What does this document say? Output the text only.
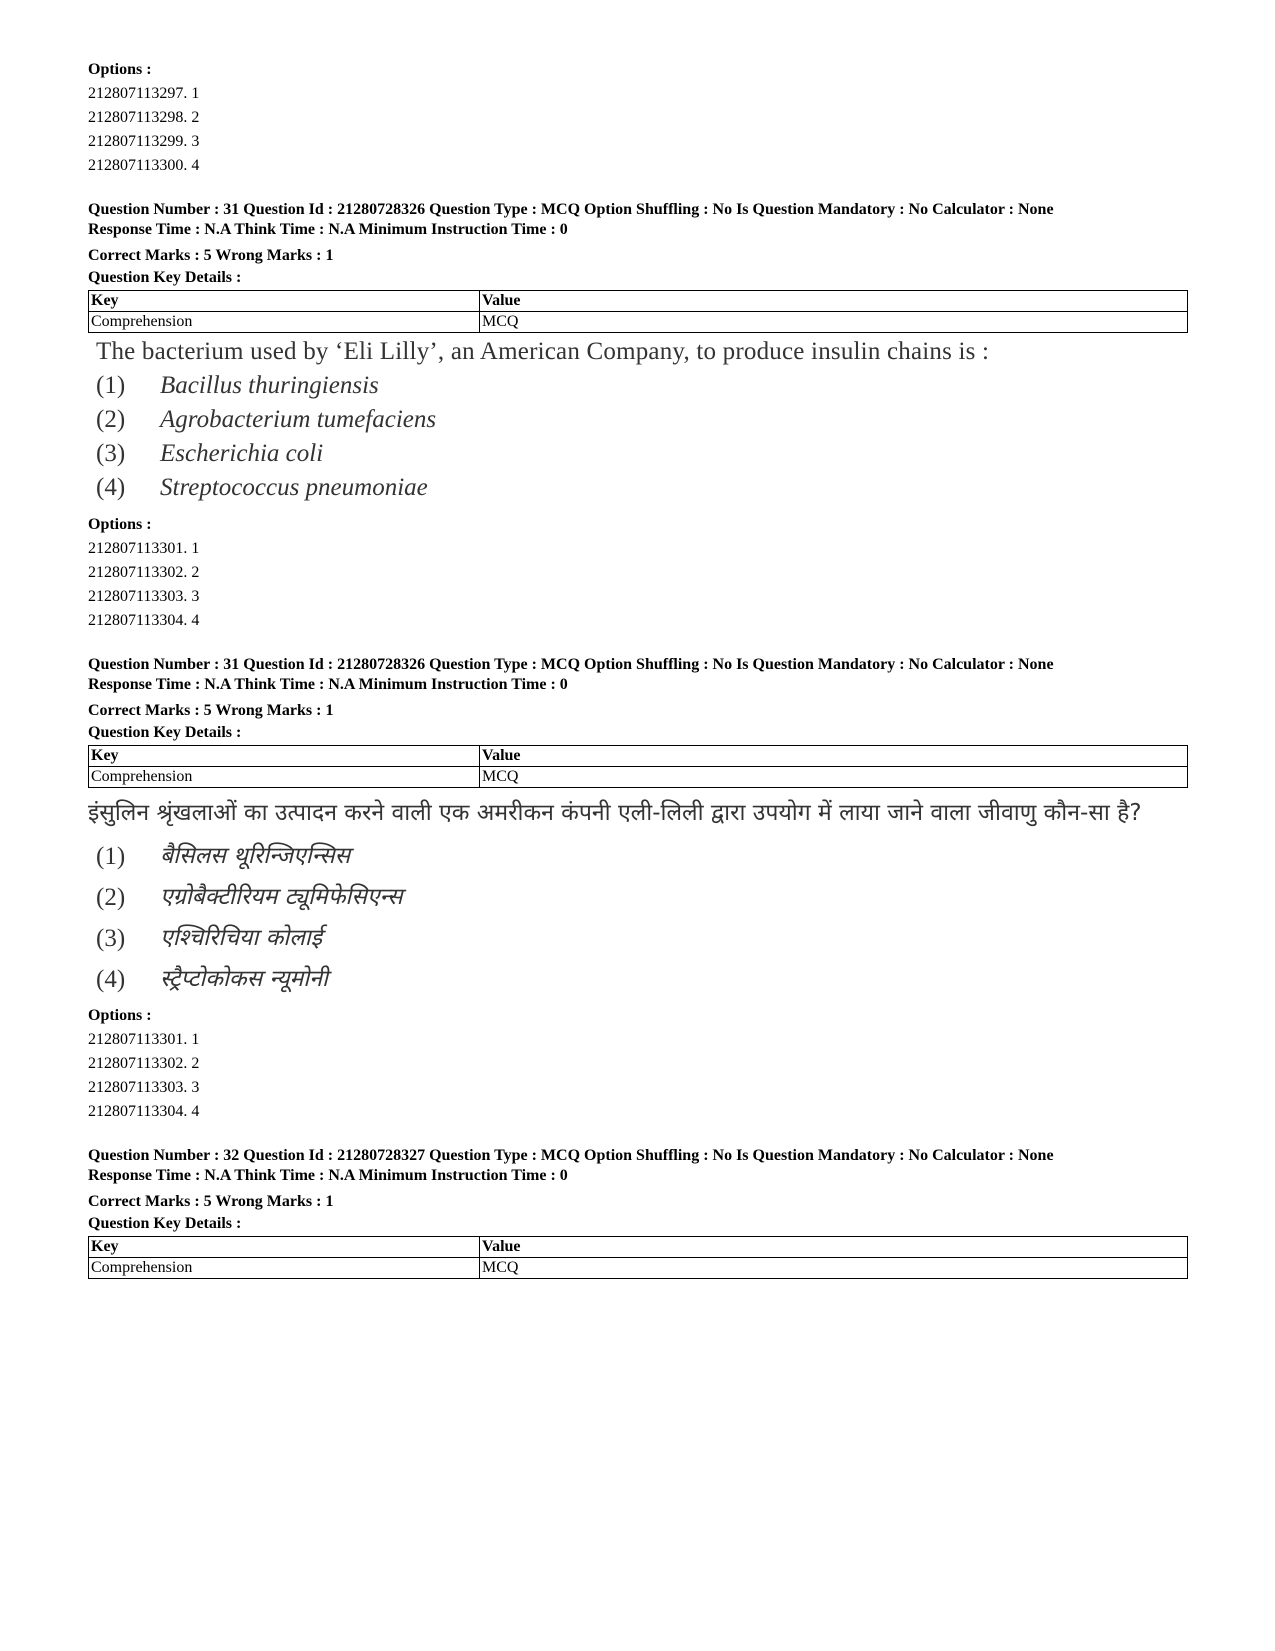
Options :
212807113297. 1
212807113298. 2
212807113299. 3
212807113300. 4
Question Number : 31 Question Id : 21280728326 Question Type : MCQ Option Shuffling : No Is Question Mandatory : No Calculator : None
Response Time : N.A Think Time : N.A Minimum Instruction Time : 0
Correct Marks : 5 Wrong Marks : 1
Question Key Details :
Key	Value
Comprehension	MCQ
The bacterium used by ‘Eli Lilly’, an American Company, to produce insulin chains is :
(1)	Bacillus thuringiensis
(2)	Agrobacterium tumefaciens
(3)	Escherichia coli
(4)	Streptococcus pneumoniae
Options :
212807113301. 1
212807113302. 2
212807113303. 3
212807113304. 4
Question Number : 31 Question Id : 21280728326 Question Type : MCQ Option Shuffling : No Is Question Mandatory : No Calculator : None
Response Time : N.A Think Time : N.A Minimum Instruction Time : 0
Correct Marks : 5 Wrong Marks : 1
Question Key Details :
Key	Value
Comprehension	MCQ
इंसुलिन श्रृंखलाओं का उत्पादन करने वाली एक अमरीकन कंपनी एली-लिली द्वारा उपयोग में लाया जाने वाला जीवाणु कौन-सा है?
(1)	बैसिलस थूरिन्जिएन्सिस
(2)	एग्रोबैक्टीरियम ट्यूमिफेसिएन्स
(3)	एश्चिरिचिया कोलाई
(4)	स्ट्रैप्टोकोकस न्यूमोनी
Options :
212807113301. 1
212807113302. 2
212807113303. 3
212807113304. 4
Question Number : 32 Question Id : 21280728327 Question Type : MCQ Option Shuffling : No Is Question Mandatory : No Calculator : None
Response Time : N.A Think Time : N.A Minimum Instruction Time : 0
Correct Marks : 5 Wrong Marks : 1
Question Key Details :
Key	Value
Comprehension	MCQ
